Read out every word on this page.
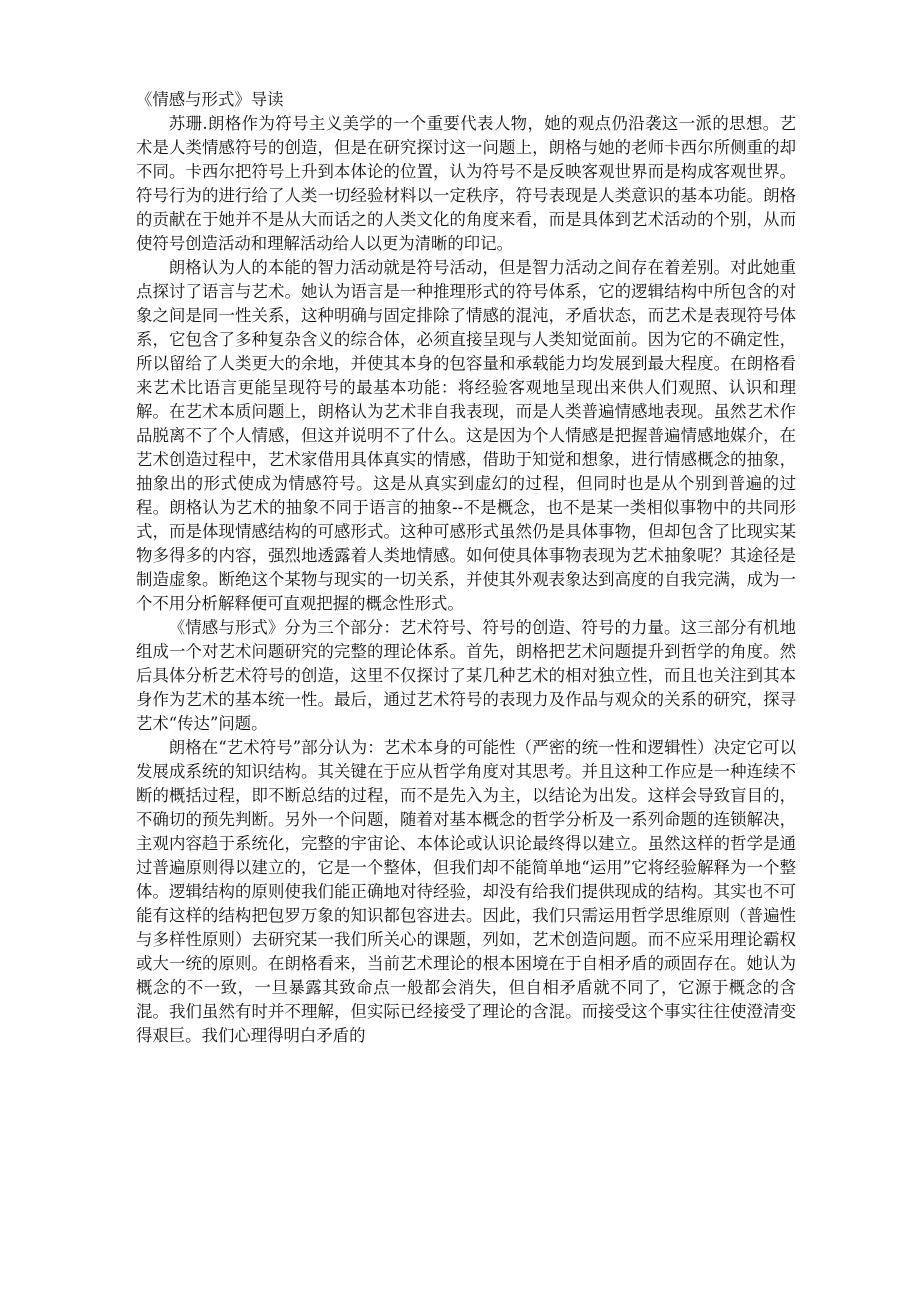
《情感与形式》导读

苏珊.朗格作为符号主义美学的一个重要代表人物，她的观点仍沿袭这一派的思想。艺术是人类情感符号的创造，但是在研究探讨这一问题上，朗格与她的老师卡西尔所侧重的却不同。卡西尔把符号上升到本体论的位置，认为符号不是反映客观世界而是构成客观世界。符号行为的进行给了人类一切经验材料以一定秩序，符号表现是人类意识的基本功能。朗格的贡献在于她并不是从大而话之的人类文化的角度来看，而是具体到艺术活动的个别，从而使符号创造活动和理解活动给人以更为清晰的印记。

朗格认为人的本能的智力活动就是符号活动，但是智力活动之间存在着差别。对此她重点探讨了语言与艺术。她认为语言是一种推理形式的符号体系，它的逻辑结构中所包含的对象之间是同一性关系，这种明确与固定排除了情感的混沌，矛盾状态，而艺术是表现符号体系，它包含了多种复杂含义的综合体，必须直接呈现与人类知觉面前。因为它的不确定性，所以留给了人类更大的余地，并使其本身的包容量和承载能力均发展到最大程度。在朗格看来艺术比语言更能呈现符号的最基本功能：将经验客观地呈现出来供人们观照、认识和理解。在艺术本质问题上，朗格认为艺术非自我表现，而是人类普遍情感地表现。虽然艺术作品脱离不了个人情感，但这并说明不了什么。这是因为个人情感是把握普遍情感地媒介，在艺术创造过程中，艺术家借用具体真实的情感，借助于知觉和想象，进行情感概念的抽象，抽象出的形式使成为情感符号。这是从真实到虚幻的过程，但同时也是从个别到普遍的过程。朗格认为艺术的抽象不同于语言的抽象--不是概念，也不是某一类相似事物中的共同形式，而是体现情感结构的可感形式。这种可感形式虽然仍是具体事物，但却包含了比现实某物多得多的内容，强烈地透露着人类地情感。如何使具体事物表现为艺术抽象呢？其途径是制造虚象。断绝这个某物与现实的一切关系，并使其外观表象达到高度的自我完满，成为一个不用分析解释便可直观把握的概念性形式。

《情感与形式》分为三个部分：艺术符号、符号的创造、符号的力量。这三部分有机地组成一个对艺术问题研究的完整的理论体系。首先，朗格把艺术问题提升到哲学的角度。然后具体分析艺术符号的创造，这里不仅探讨了某几种艺术的相对独立性，而且也关注到其本身作为艺术的基本统一性。最后，通过艺术符号的表现力及作品与观众的关系的研究，探寻艺术“传达”问题。

朗格在“艺术符号”部分认为：艺术本身的可能性（严密的统一性和逻辑性）决定它可以发展成系统的知识结构。其关键在于应从哲学角度对其思考。并且这种工作应是一种连续不断的概括过程，即不断总结的过程，而不是先入为主，以结论为出发。这样会导致盲目的，不确切的预先判断。另外一个问题，随着对基本概念的哲学分析及一系列命题的连锁解决，主观内容趋于系统化，完整的宇宙论、本体论或认识论最终得以建立。虽然这样的哲学是通过普遍原则得以建立的，它是一个整体，但我们却不能简单地“运用”它将经验解释为一个整体。逻辑结构的原则使我们能正确地对待经验，却没有给我们提供现成的结构。其实也不可能有这样的结构把包罗万象的知识都包容进去。因此，我们只需运用哲学思维原则（普遍性与多样性原则）去研究某一我们所关心的课题，列如，艺术创造问题。而不应采用理论霸权或大一统的原则。在朗格看来，当前艺术理论的根本困境在于自相矛盾的顽固存在。她认为概念的不一致，一旦暴露其致命点一般都会消失，但自相矛盾就不同了，它源于概念的含混。我们虽然有时并不理解，但实际已经接受了理论的含混。而接受这个事实往往使澄清变得艰巨。我们心理得明白矛盾的
